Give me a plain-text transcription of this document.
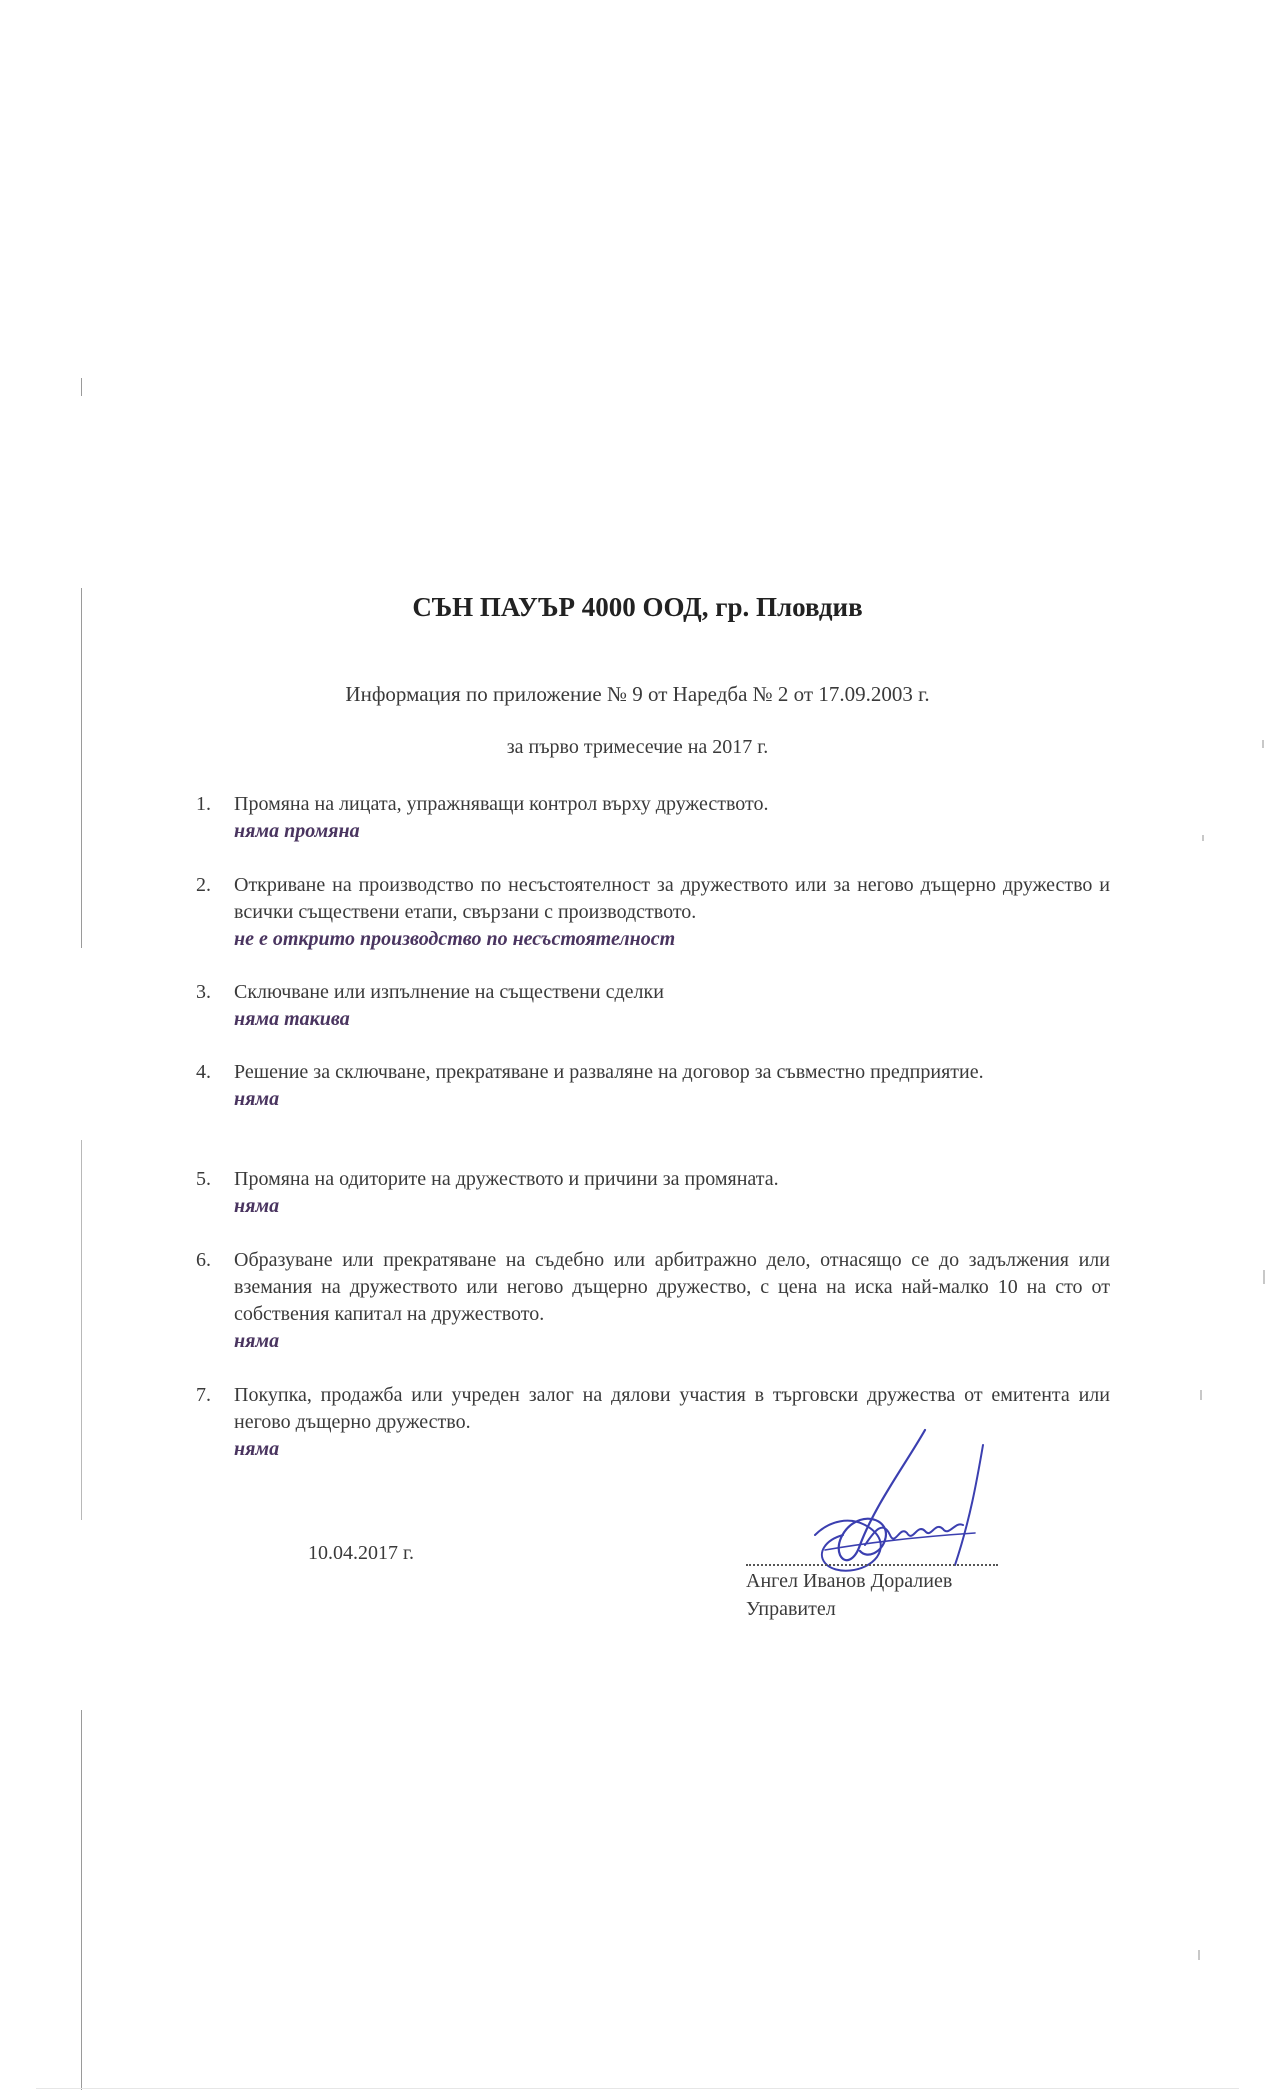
СЪН ПАУЪР 4000 ООД, гр. Пловдив
Информация по приложение № 9 от Наредба № 2 от 17.09.2003 г.
за първо тримесечие на 2017 г.
1.	Промяна на лицата, упражняващи контрол върху дружеството.
няма промяна
2.	Откриване на производство по несъстоятелност за дружеството или за негово дъщерно дружество и всички съществени етапи, свързани с производството.
не е открито производство по несъстоятелност
3.	Сключване или изпълнение на съществени сделки
няма такива
4.	Решение за сключване, прекратяване и разваляне на договор за съвместно предприятие.
няма
5.	Промяна на одиторите на дружеството и причини за промяната.
няма
6.	Образуване или прекратяване на съдебно или арбитражно дело, отнасящо се до задължения или вземания на дружеството или негово дъщерно дружество, с цена на иска най-малко 10 на сто от собствения капитал на дружеството.
няма
7.	Покупка, продажба или учреден залог на дялови участия в търговски дружества от емитента или негово дъщерно дружество.
няма
10.04.2017 г.
Ангел Иванов Доралиев
Управител
